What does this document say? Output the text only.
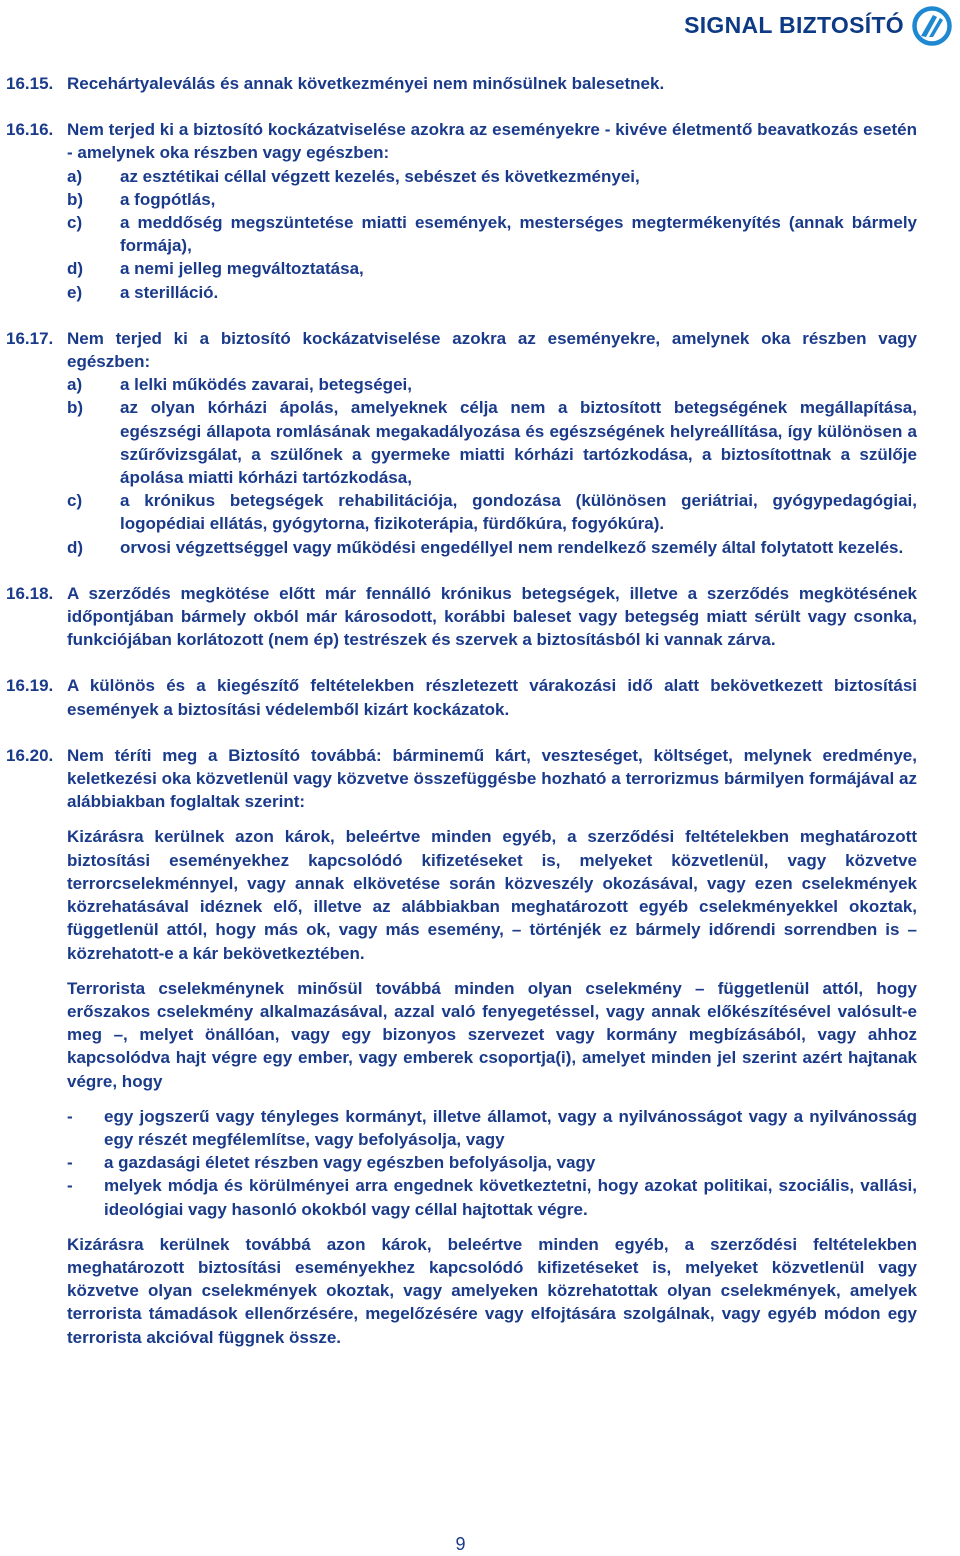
SIGNAL BIZTOSÍTÓ
16.15. Recehártyaleválás és annak következményei nem minősülnek balesetnek.
16.16. Nem terjed ki a biztosító kockázatviselése azokra az eseményekre - kivéve életmentő beavatkozás esetén - amelynek oka részben vagy egészben:
a) az esztétikai céllal végzett kezelés, sebészet és következményei,
b) a fogpótlás,
c) a meddőség megszüntetése miatti események, mesterséges megtermékenyítés (annak bármely formája),
d) a nemi jelleg megváltoztatása,
e) a sterilláció.
16.17. Nem terjed ki a biztosító kockázatviselése azokra az eseményekre, amelynek oka részben vagy egészben:
a) a lelki működés zavarai, betegségei,
b) az olyan kórházi ápolás, amelyeknek célja nem a biztosított betegségének megállapítása, egészségi állapota romlásának megakadályozása és egészségének helyreállítása, így különösen a szűrővizsgálat, a szülőnek a gyermeke miatti kórházi tartózkodása, a biztosítottnak a szülője ápolása miatti kórházi tartózkodása,
c) a krónikus betegségek rehabilitációja, gondozása (különösen geriátriai, gyógypedagógiai, logopédiai ellátás, gyógytorna, fizikoterápia, fürdőkúra, fogyókúra).
d) orvosi végzettséggel vagy működési engedéllyel nem rendelkező személy által folytatott kezelés.
16.18. A szerződés megkötése előtt már fennálló krónikus betegségek, illetve a szerződés megkötésének időpontjában bármely okból már károsodott, korábbi baleset vagy betegség miatt sérült vagy csonka, funkciójában korlátozott (nem ép) testrészek és szervek a biztosításból ki vannak zárva.
16.19. A különös és a kiegészítő feltételekben részletezett várakozási idő alatt bekövetkezett biztosítási események a biztosítási védelemből kizárt kockázatok.
16.20. Nem téríti meg a Biztosító továbbá: bárminemű kárt, veszteséget, költséget, melynek eredménye, keletkezési oka közvetlenül vagy közvetve összefüggésbe hozható a terrorizmus bármilyen formájával az alábbiakban foglaltak szerint:
Kizárásra kerülnek azon károk, beleértve minden egyéb, a szerződési feltételekben meghatározott biztosítási eseményekhez kapcsolódó kifizetéseket is, melyeket közvetlenül, vagy közvetve terrorcselekménnyel, vagy annak elkövetése során közveszély okozásával, vagy ezen cselekmények közrehatásával idéznek elő, illetve az alábbiakban meghatározott egyéb cselekményekkel okoztak, függetlenül attól, hogy más ok, vagy más esemény, – történjék ez bármely időrendi sorrendben is – közrehatott-e a kár bekövetkeztében.
Terrorista cselekménynek minősül továbbá minden olyan cselekmény – függetlenül attól, hogy erőszakos cselekmény alkalmazásával, azzal való fenyegetéssel, vagy annak előkészítésével valósult-e meg –, melyet önállóan, vagy egy bizonyos szervezet vagy kormány megbízásából, vagy ahhoz kapcsolódva hajt végre egy ember, vagy emberek csoportja(i), amelyet minden jel szerint azért hajtanak végre, hogy
- egy jogszerű vagy tényleges kormányt, illetve államot, vagy a nyilvánosságot vagy a nyilvánosság egy részét megfélemlítse, vagy befolyásolja, vagy
- a gazdasági életet részben vagy egészben befolyásolja, vagy
- melyek módja és körülményei arra engednek következtetni, hogy azokat politikai, szociális, vallási, ideológiai vagy hasonló okokból vagy céllal hajtottak végre.
Kizárásra kerülnek továbbá azon károk, beleértve minden egyéb, a szerződési feltételekben meghatározott biztosítási eseményekhez kapcsolódó kifizetéseket is, melyeket közvetlenül vagy közvetve olyan cselekmények okoztak, vagy amelyeken közrehatottak olyan cselekmények, amelyek terrorista támadások ellenőrzésére, megelőzésére vagy elfojtására szolgálnak, vagy egyéb módon egy terrorista akcióval függnek össze.
9
